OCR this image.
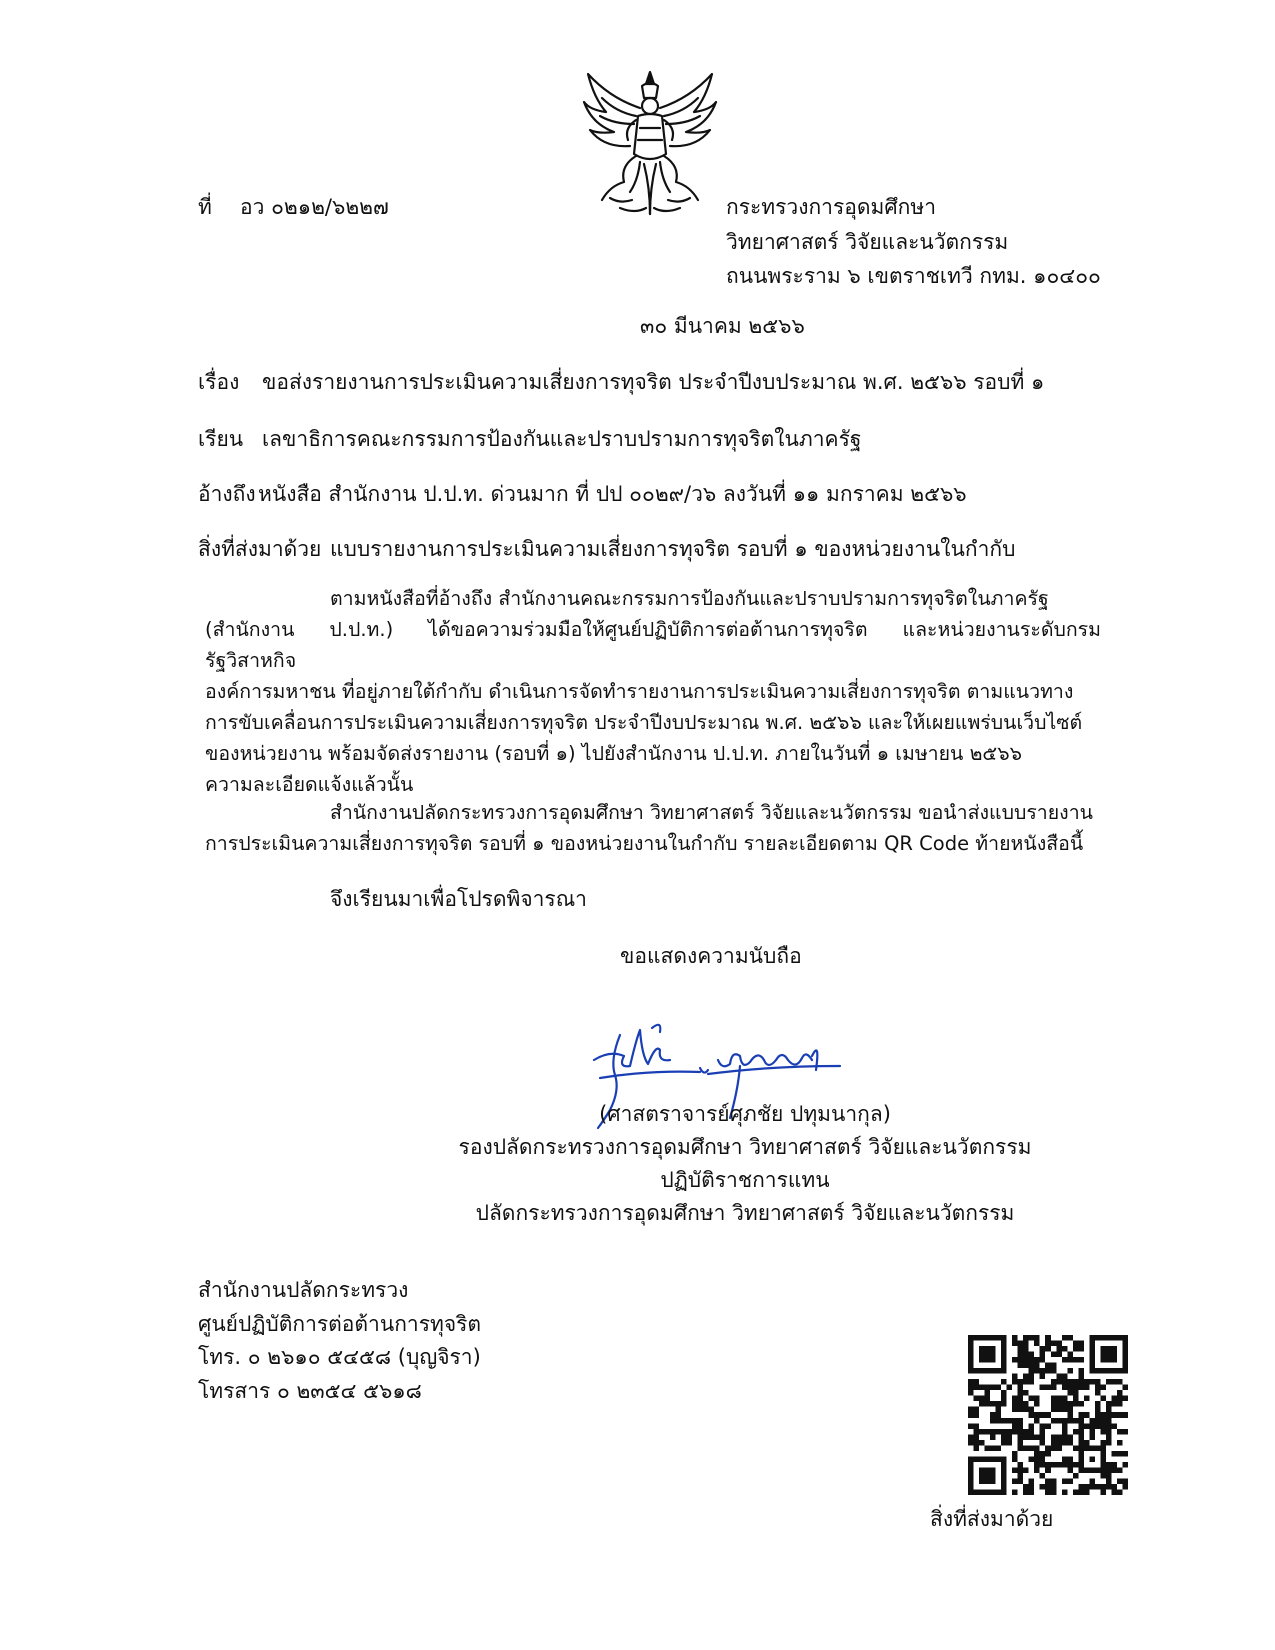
ที่ อว ๐๒๑๒/๖๒๒๗	กระทรวงการอุดมศึกษา
วิทยาศาสตร์ วิจัยและนวัตกรรม
ถนนพระราม ๖ เขตราชเทวี กทม. ๑๐๔๐๐
๓๐ มีนาคม ๒๕๖๖
เรื่อง ขอส่งรายงานการประเมินความเสี่ยงการทุจริต ประจำปีงบประมาณ พ.ศ. ๒๕๖๖ รอบที่ ๑
เรียน เลขาธิการคณะกรรมการป้องกันและปราบปรามการทุจริตในภาครัฐ
อ้างถึง หนังสือ สำนักงาน ป.ป.ท. ด่วนมาก ที่ ปป ๐๐๒๙/ว๖ ลงวันที่ ๑๑ มกราคม ๒๕๖๖
สิ่งที่ส่งมาด้วย แบบรายงานการประเมินความเสี่ยงการทุจริต รอบที่ ๑ ของหน่วยงานในกำกับ
ตามหนังสือที่อ้างถึง สำนักงานคณะกรรมการป้องกันและปราบปรามการทุจริตในภาครัฐ
(สำนักงาน ป.ป.ท.) ได้ขอความร่วมมือให้ศูนย์ปฏิบัติการต่อต้านการทุจริต และหน่วยงานระดับกรม รัฐวิสาหกิจ
องค์การมหาชน ที่อยู่ภายใต้กำกับ ดำเนินการจัดทำรายงานการประเมินความเสี่ยงการทุจริต ตามแนวทาง
การขับเคลื่อนการประเมินความเสี่ยงการทุจริต ประจำปีงบประมาณ พ.ศ. ๒๕๖๖ และให้เผยแพร่บนเว็บไซต์
ของหน่วยงาน พร้อมจัดส่งรายงาน (รอบที่ ๑) ไปยังสำนักงาน ป.ป.ท. ภายในวันที่ ๑ เมษายน ๒๕๖๖
ความละเอียดแจ้งแล้วนั้น
สำนักงานปลัดกระทรวงการอุดมศึกษา วิทยาศาสตร์ วิจัยและนวัตกรรม ขอนำส่งแบบรายงาน
การประเมินความเสี่ยงการทุจริต รอบที่ ๑ ของหน่วยงานในกำกับ รายละเอียดตาม QR Code ท้ายหนังสือนี้
จึงเรียนมาเพื่อโปรดพิจารณา
ขอแสดงความนับถือ
(ศาสตราจารย์ศุภชัย ปทุมนากุล)
รองปลัดกระทรวงการอุดมศึกษา วิทยาศาสตร์ วิจัยและนวัตกรรม
ปฏิบัติราชการแทน
ปลัดกระทรวงการอุดมศึกษา วิทยาศาสตร์ วิจัยและนวัตกรรม
สำนักงานปลัดกระทรวง
ศูนย์ปฏิบัติการต่อต้านการทุจริต
โทร. ๐ ๒๖๑๐ ๕๔๕๘ (บุญจิรา)
โทรสาร ๐ ๒๓๕๔ ๕๖๑๘
สิ่งที่ส่งมาด้วย
